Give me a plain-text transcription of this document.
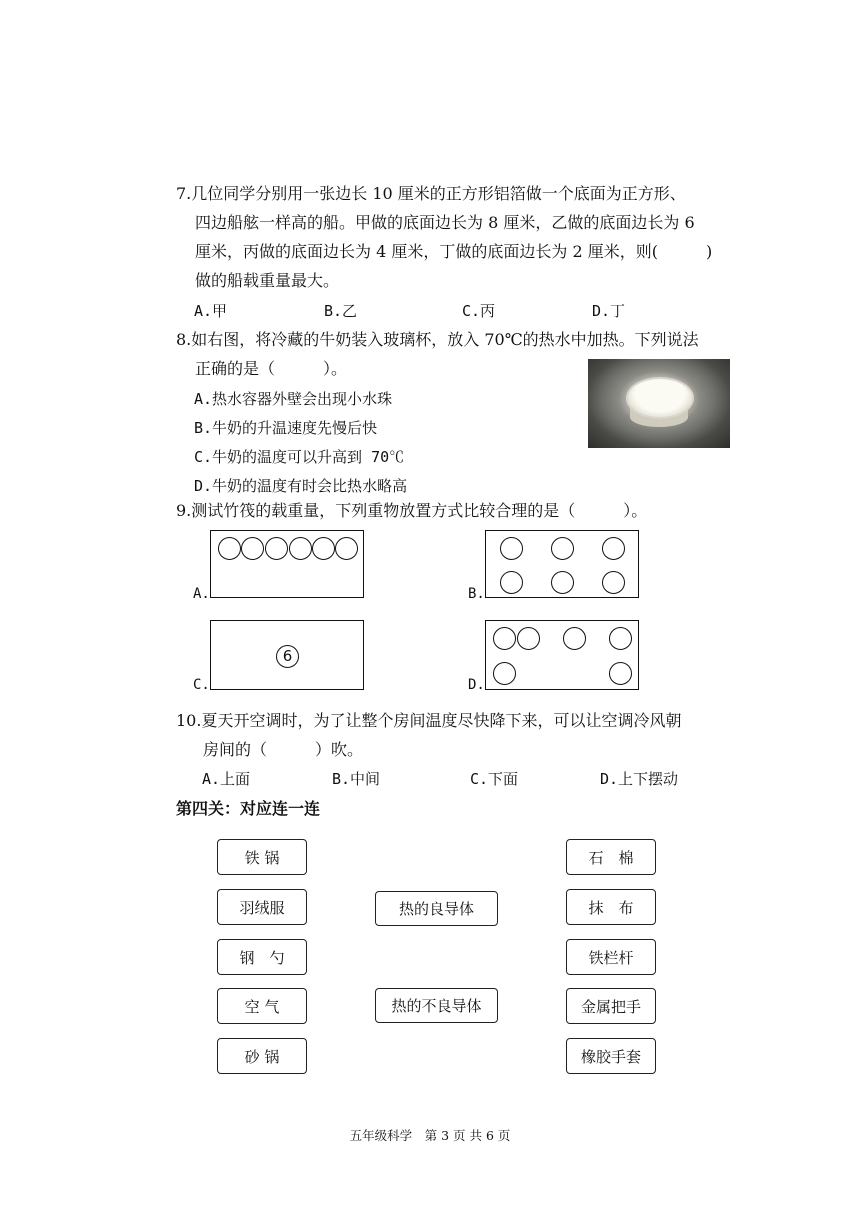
7.几位同学分别用一张边长 10 厘米的正方形铝箔做一个底面为正方形、
四边船舷一样高的船。甲做的底面边长为 8 厘米，乙做的底面边长为 6
厘米，丙做的底面边长为 4 厘米，丁做的底面边长为 2 厘米，则(　　　)
做的船载重量最大。
A.甲	B.乙	C.丙	D.丁
8.如右图，将冷藏的牛奶装入玻璃杯，放入 70℃的热水中加热。下列说法
正确的是（　　　）。
A.热水容器外壁会出现小水珠
B.牛奶的升温速度先慢后快
C.牛奶的温度可以升高到 70℃
D.牛奶的温度有时会比热水略高
9.测试竹筏的载重量，下列重物放置方式比较合理的是（　　　）。
A.	B.
C.
6
D.
10.夏天开空调时，为了让整个房间温度尽快降下来，可以让空调冷风朝
房间的（　　　）吹。
A.上面	B.中间	C.下面	D.上下摆动
第四关：对应连一连
铁 锅
羽绒服
钢　勺
空 气
砂 锅
热的良导体
热的不良导体
石　棉
抹　布
铁栏杆
金属把手
橡胶手套
五年级科学　第 3 页 共 6 页
